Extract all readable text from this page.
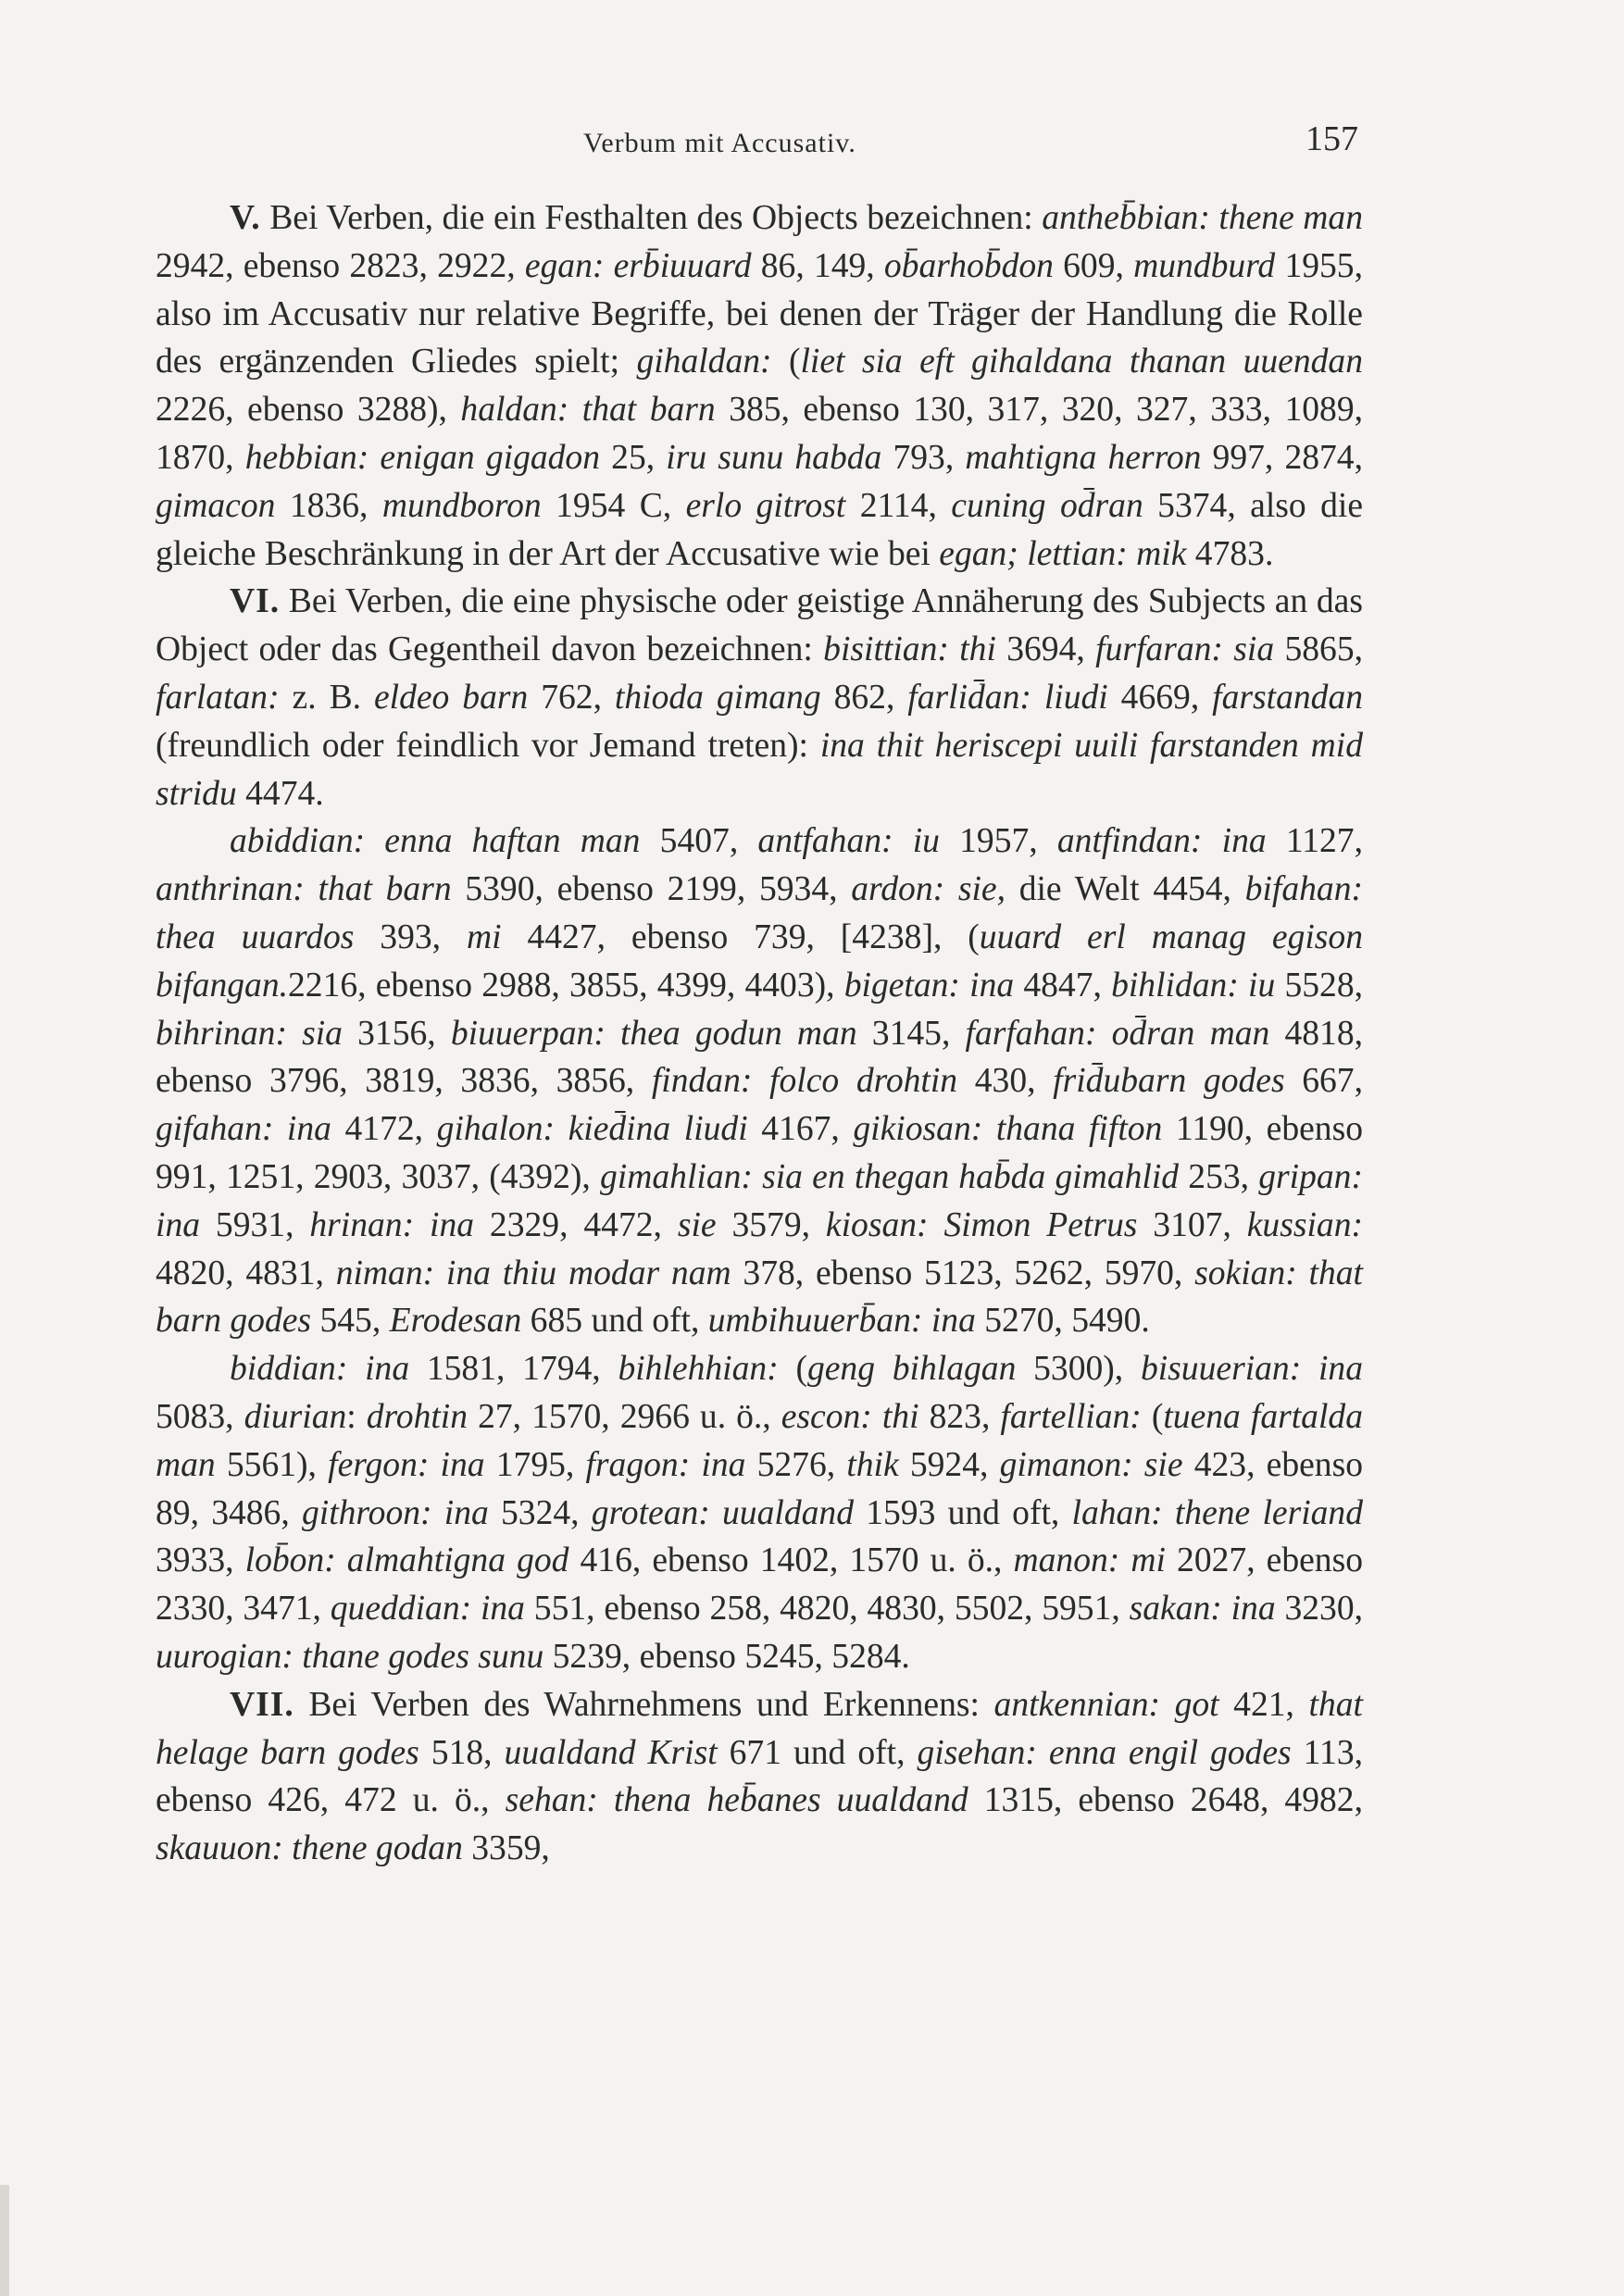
Verbum mit Accusativ.	157

V. Bei Verben, die ein Festhalten des Objects bezeichnen: antheb̄bian: thene man 2942, ebenso 2823, 2922, egan: erb̄iuuard 86, 149, ob̄arhob̄don 609, mundburd 1955, also im Accusativ nur relative Begriffe, bei denen der Träger der Handlung die Rolle des ergänzenden Gliedes spielt; gihaldan: (liet sia eft gihaldana thanan uuendan 2226, ebenso 3288), haldan: that barn 385, ebenso 130, 317, 320, 327, 333, 1089, 1870, hebbian: enigan gigadon 25, iru sunu habda 793, mahtigna herron 997, 2874, gimacon 1836, mundboron 1954 C, erlo gitrost 2114, cuning od̄ran 5374, also die gleiche Beschränkung in der Art der Accusative wie bei egan; lettian: mik 4783.

VI. Bei Verben, die eine physische oder geistige Annäherung des Subjects an das Object oder das Gegentheil davon bezeichnen: bisittian: thi 3694, furfaran: sia 5865, farlatan: z. B. eldeo barn 762, thioda gimang 862, farlid̄an: liudi 4669, farstandan (freundlich oder feindlich vor Jemand treten): ina thit heriscepi uuili farstanden mid stridu 4474.

abiddian: enna haftan man 5407, antfahan: iu 1957, antfindan: ina 1127, anthrinan: that barn 5390, ebenso 2199, 5934, ardon: sie, die Welt 4454, bifahan: thea uuardos 393, mi 4427, ebenso 739, [4238], (uuard erl manag egison bifangan.2216, ebenso 2988, 3855, 4399, 4403), bigetan: ina 4847, bihlidan: iu 5528, bihrinan: sia 3156, biuuerpan: thea godun man 3145, farfahan: od̄ran man 4818, ebenso 3796, 3819, 3836, 3856, findan: folco drohtin 430, frid̄ubarn godes 667, gifahan: ina 4172, gihalon: kied̄ina liudi 4167, gikiosan: thana fifton 1190, ebenso 991, 1251, 2903, 3037, (4392), gimahlian: sia en thegan hab̄da gimahlid 253, gripan: ina 5931, hrinan: ina 2329, 4472, sie 3579, kiosan: Simon Petrus 3107, kussian: 4820, 4831, niman: ina thiu modar nam 378, ebenso 5123, 5262, 5970, sokian: that barn godes 545, Erodesan 685 und oft, umbihuuerb̄an: ina 5270, 5490.

biddian: ina 1581, 1794, bihlehhian: (geng bihlagan 5300), bisuuerian: ina 5083, diurian: drohtin 27, 1570, 2966 u. ö., escon: thi 823, fartellian: (tuena fartalda man 5561), fergon: ina 1795, fragon: ina 5276, thik 5924, gimanon: sie 423, ebenso 89, 3486, githroon: ina 5324, grotean: uualdand 1593 und oft, lahan: thene leriand 3933, lob̄on: almahtigna god 416, ebenso 1402, 1570 u. ö., manon: mi 2027, ebenso 2330, 3471, queddian: ina 551, ebenso 258, 4820, 4830, 5502, 5951, sakan: ina 3230, uurogian: thane godes sunu 5239, ebenso 5245, 5284.

VII. Bei Verben des Wahrnehmens und Erkennens: antkennian: got 421, that helage barn godes 518, uualdand Krist 671 und oft, gisehan: enna engil godes 113, ebenso 426, 472 u. ö., sehan: thena heb̄anes uualdand 1315, ebenso 2648, 4982, skauuon: thene godan 3359,
